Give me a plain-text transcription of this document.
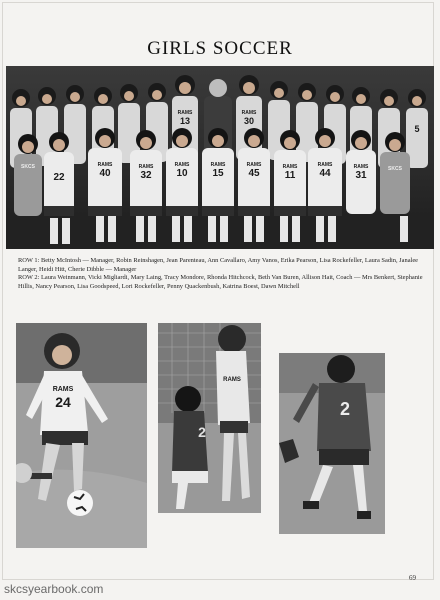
GIRLS SOCCER
RAMS
13
RAMS
30
5
SKCS
22
RAMS
40
RAMS
32
RAMS
10
RAMS
15
RAMS
45
RAMS
11
RAMS
44
RAMS
31
SKCS

ROW 1: Betty McIntosh — Manager, Robin Reinshagen, Jean Parenteau, Ann Cavallaro, Amy Vanos, Erika Pearson, Lisa Rockefeller, Laura Sadin, Janalee Langer, Heidi Hitt, Cherie Dibble — Manager

ROW 2: Laura Weinmann, Vicki Migliardi, Mary Laing, Tracy Mondore, Rhonda Hitchcock, Beth Van Buren, Allison Hait, Coach — Mrs Benkert, Stephanie Hillis, Nancy Pearson, Lisa Goodspeed, Lori Rockefeller, Penny Quackenbush, Katrina Boest, Dawn Mitchell

RAMS
24
RAMS
2
2
69
skcsyearbook.com
